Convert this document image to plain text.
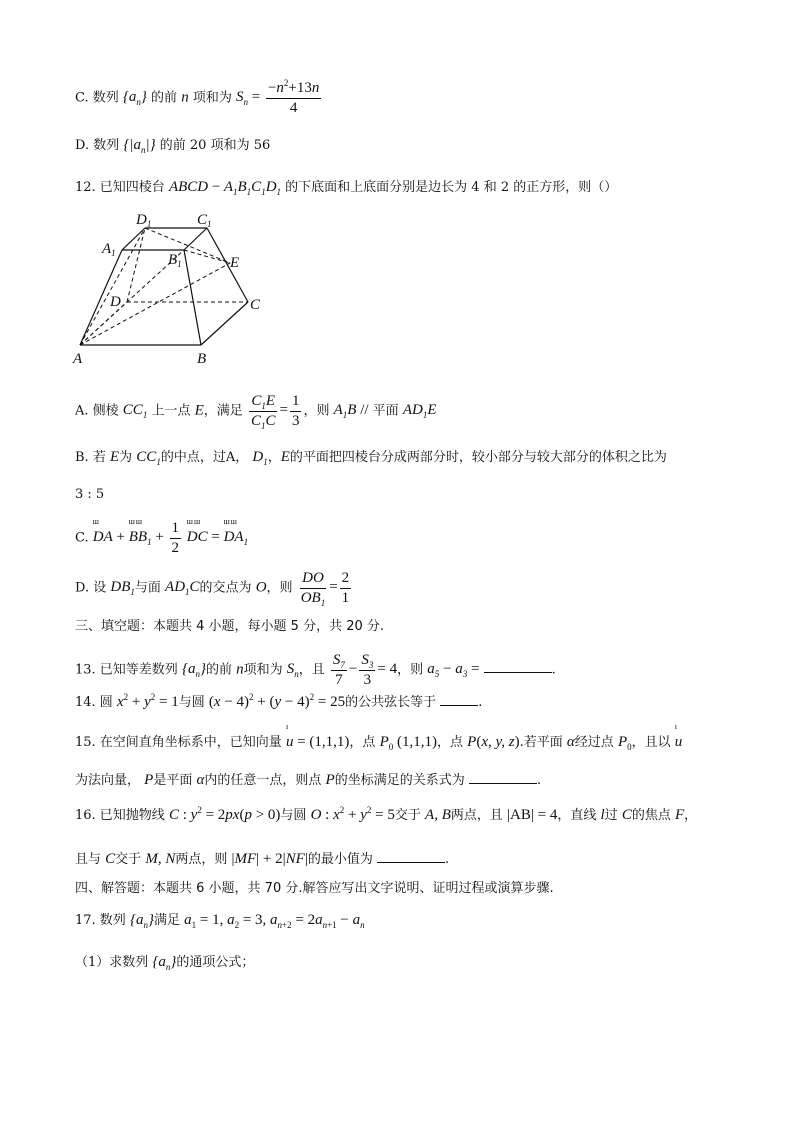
C. 数列 $\{a_n\}$ 的前 n 项和为 $S_n = \frac{-n^2+13n}{4}$
D. 数列 $\{|a_n|\}$ 的前 20 项和为 56
12. 已知四棱台 ABCD − $A_1B_1C_1D_1$ 的下底面和上底面分别是边长为 4 和 2 的正方形，则（）
$D_1$	$C_1$
$A_1$	$B_1$	E
D	C
A	B
A. 侧棱 $CC_1$ 上一点 E，满足 $\frac{C_1E}{C_1C} = \frac{1}{3}$ ，则 $A_1B$ // 平面 $AD_1E$
B. 若 E为 $CC_1$的中点，过A， $D_1$，E的平面把四棱台分成两部分时，较小部分与较大部分的体积之比为
3 : 5
C.
ш
DA +
шш
$BB_1 + \frac{1}{2}$
шш
DC =
шш
$DA_1$
D. 设 $DB_1$与面 $AD_1C$的交点为 O，则 $\frac{DO}{OB_1} = \frac{2}{1}$
三、填空题：本题共 4 小题，每小题 5 分，共 20 分.
13. 已知等差数列 $\{a_n\}$的前 n项和为 $S_n$，且 $\frac{S_7}{7} - \frac{S_3}{3} = 4$，则 $a_5 - a_3$ =	.
14. 圆 $x^2 + y^2 = 1$与圆 $(x - 4)^2 + (y - 4)^2 = 25$的公共弦长等于	.
15. 在空间直角坐标系中，已知向量
ı
u = (1,1,1)，点 $P_0$ (1,1,1)，点 P(x, y, z).若平面 α经过点 $P_0$，且以
ı
u
为法向量， P是平面 α内的任意一点，则点 P的坐标满足的关系式为	.
16. 已知抛物线 C : $y^2 = 2px(p > 0)$与圆 O : $x^2 + y^2 = 5$交于 A, B两点，且 |AB| = 4，直线 l过 C的焦点 F，
且与 C交于 M, N两点，则 |MF| + 2|NF|的最小值为	.
四、解答题：本题共 6 小题，共 70 分.解答应写出文字说明、证明过程或演算步骤.
17. 数列 $\{a_n\}$满足 $a_1 = 1$, $a_2 = 3$, $a_{n+2} = 2a_{n+1} - a_n$
（1）求数列 $\{a_n\}$的通项公式；
